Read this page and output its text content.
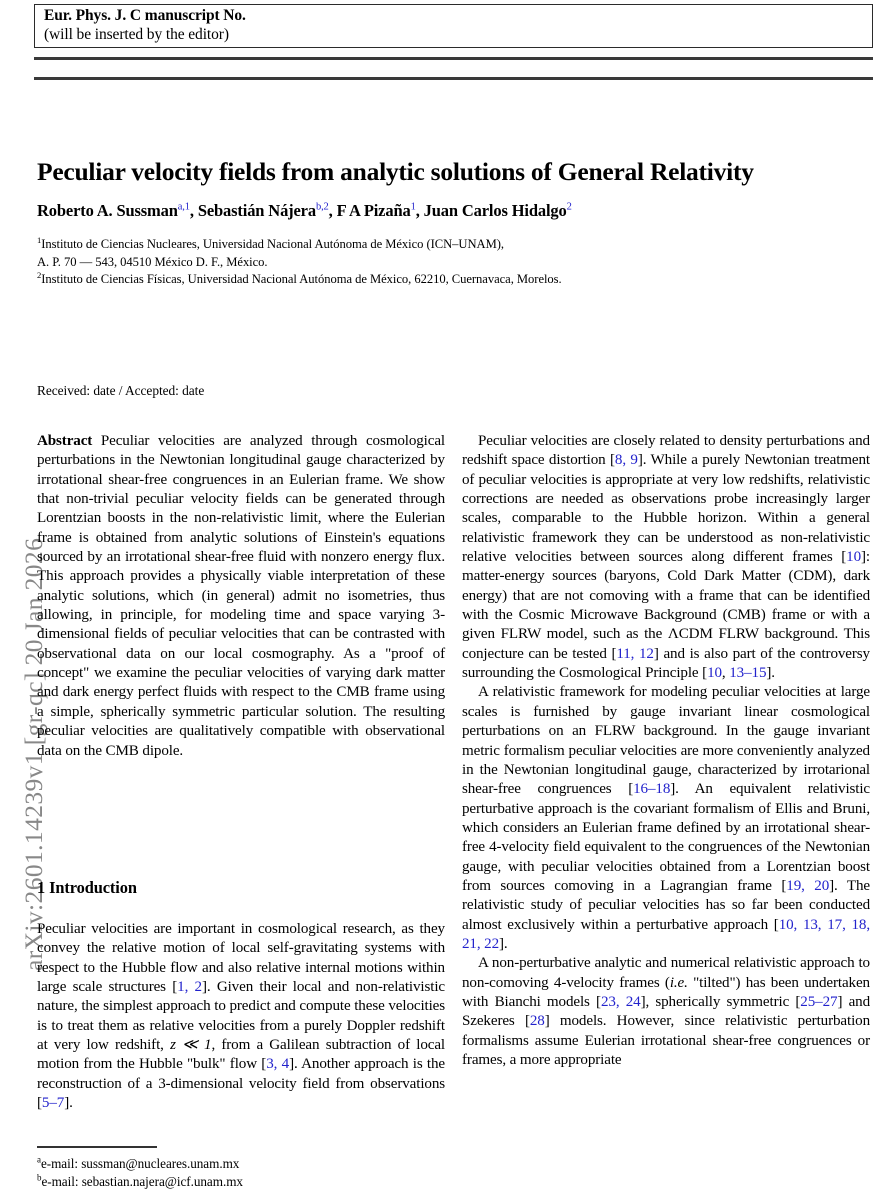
arXiv:2601.14239v1 [gr-qc] 20 Jan 2026
Eur. Phys. J. C manuscript No.
(will be inserted by the editor)
Peculiar velocity fields from analytic solutions of General Relativity
Roberto A. Sussman$^{a,1}$, Sebastián Nájera$^{b,2}$, F A Pizaña$^1$, Juan Carlos Hidalgo$^2$
$^1$Instituto de Ciencias Nucleares, Universidad Nacional Autónoma de México (ICN–UNAM),
A. P. 70 — 543, 04510 México D. F., México.
$^2$Instituto de Ciencias Físicas, Universidad Nacional Autónoma de México, 62210, Cuernavaca, Morelos.
Received: date / Accepted: date

Abstract Peculiar velocities are analyzed through cosmological perturbations in the Newtonian longitudinal gauge characterized by irrotational shear-free congruences in an Eulerian frame. We show that non-trivial peculiar velocity fields can be generated through Lorentzian boosts in the non-relativistic limit, where the Eulerian frame is obtained from analytic solutions of Einstein's equations sourced by an irrotational shear-free fluid with nonzero energy flux. This approach provides a physically viable interpretation of these analytic solutions, which (in general) admit no isometries, thus allowing, in principle, for modeling time and space varying 3-dimensional fields of peculiar velocities that can be contrasted with observational data on our local cosmography. As a "proof of concept" we examine the peculiar velocities of varying dark matter and dark energy perfect fluids with respect to the CMB frame using a simple, spherically symmetric particular solution. The resulting peculiar velocities are qualitatively compatible with observational data on the CMB dipole.

1 Introduction

Peculiar velocities are important in cosmological research, as they convey the relative motion of local self-gravitating systems with respect to the Hubble flow and also relative internal motions within large scale structures [1, 2]. Given their local and non-relativistic nature, the simplest approach to predict and compute these velocities is to treat them as relative velocities from a purely Doppler redshift at very low redshift, z ≪ 1, from a Galilean subtraction of local motion from the Hubble "bulk" flow [3, 4]. Another approach is the reconstruction of a 3-dimensional velocity field from observations [5–7].

$^a$e-mail: sussman@nucleares.unam.mx
$^b$e-mail: sebastian.najera@icf.unam.mx

Peculiar velocities are closely related to density perturbations and redshift space distortion [8, 9]. While a purely Newtonian treatment of peculiar velocities is appropriate at very low redshifts, relativistic corrections are needed as observations probe increasingly larger scales, comparable to the Hubble horizon. Within a general relativistic framework they can be understood as non-relativistic relative velocities between sources along different frames [10]: matter-energy sources (baryons, Cold Dark Matter (CDM), dark energy) that are not comoving with a frame that can be identified with the Cosmic Microwave Background (CMB) frame or with a given FLRW model, such as the ΛCDM FLRW background. This conjecture can be tested [11, 12] and is also part of the controversy surrounding the Cosmological Principle [10, 13–15].

A relativistic framework for modeling peculiar velocities at large scales is furnished by gauge invariant linear cosmological perturbations on an FLRW background. In the gauge invariant metric formalism peculiar velocities are more conveniently analyzed in the Newtonian longitudinal gauge, characterized by irrotarional shear-free congruences [16–18]. An equivalent relativistic perturbative approach is the covariant formalism of Ellis and Bruni, which considers an Eulerian frame defined by an irrotational shear-free 4-velocity field equivalent to the congruences of the Newtonian gauge, with peculiar velocities obtained from a Lorentzian boost from sources comoving in a Lagrangian frame [19, 20]. The relativistic study of peculiar velocities has so far been conducted almost exclusively within a perturbative approach [10, 13, 17, 18, 21, 22].

A non-perturbative analytic and numerical relativistic approach to non-comoving 4-velocity frames (i.e. "tilted") has been undertaken with Bianchi models [23, 24], spherically symmetric [25–27] and Szekeres [28] models. However, since relativistic perturbation formalisms assume Eulerian irrotational shear-free congruences or frames, a more appropriate
